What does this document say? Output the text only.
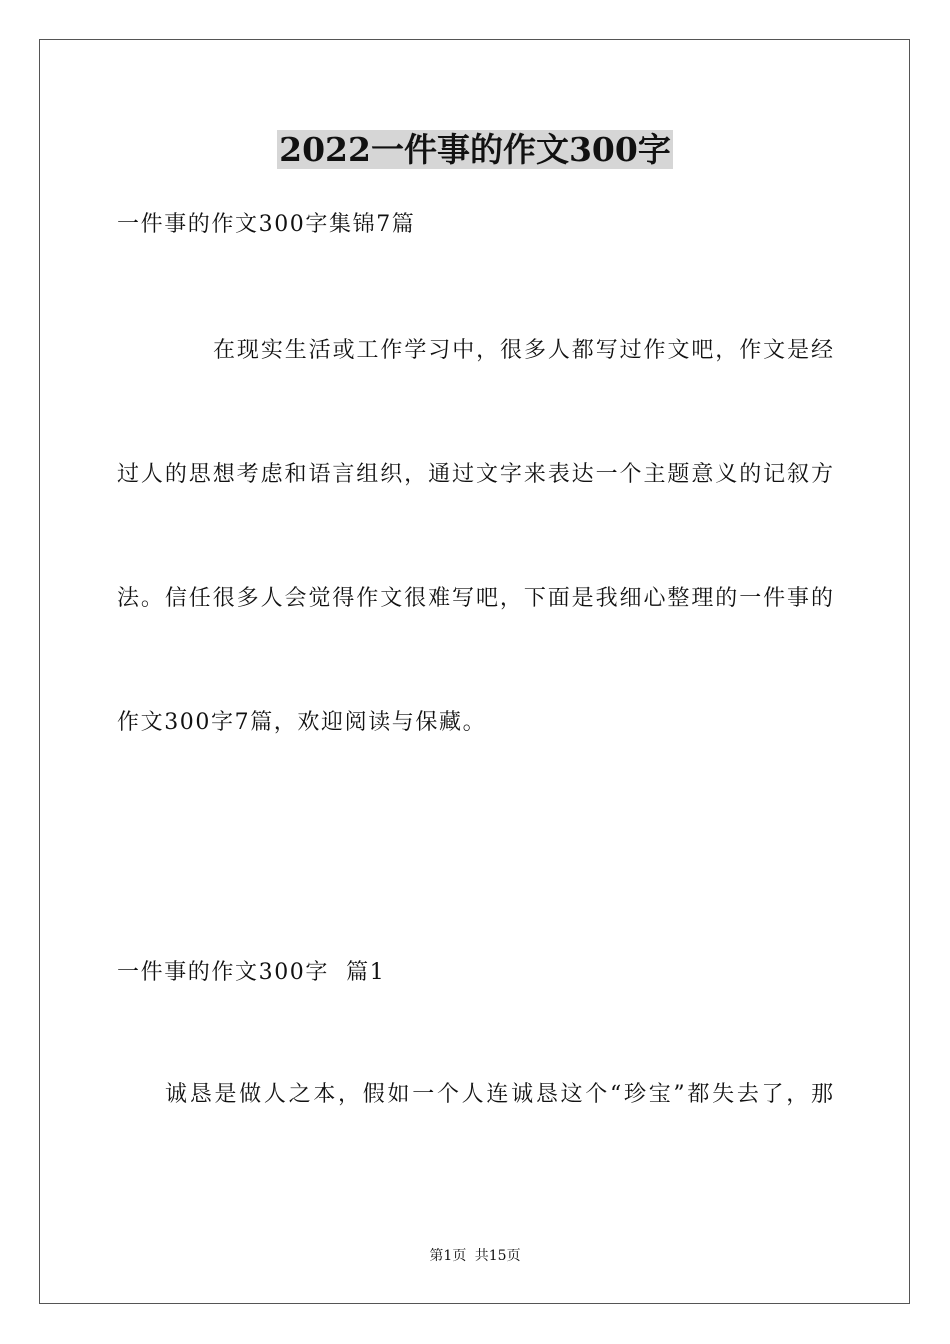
2022一件事的作文300字
一件事的作文300字集锦7篇
在现实生活或工作学习中，很多人都写过作文吧，作文是经
过人的思想考虑和语言组织，通过文字来表达一个主题意义的记叙方
法。信任很多人会觉得作文很难写吧，下面是我细心整理的一件事的
作文300字7篇，欢迎阅读与保藏。
一件事的作文300字  篇1
诚恳是做人之本，假如一个人连诚恳这个“珍宝”都失去了，那
第1页 共15页
